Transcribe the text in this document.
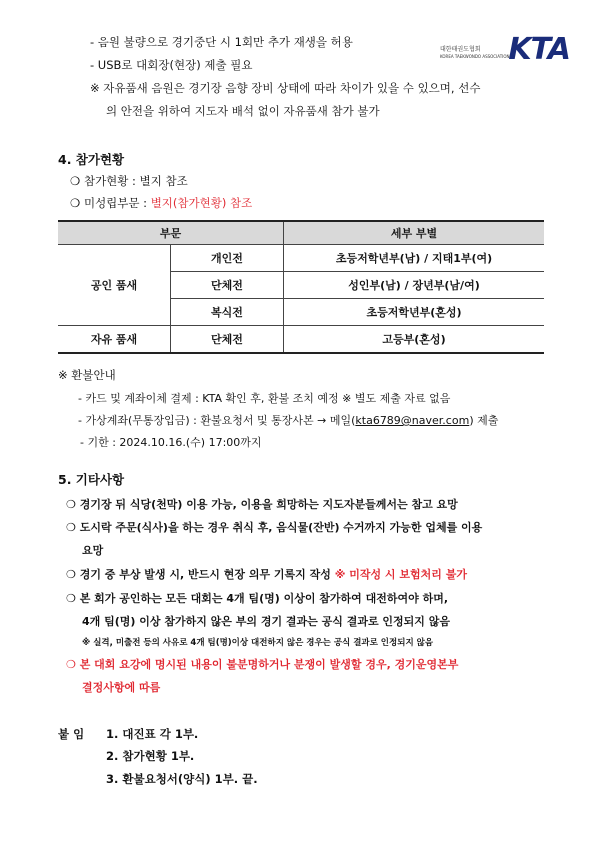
대한태권도협회
KOREA TAEKWONDO ASSOCIATION
KTA
- 음원 불량으로 경기중단 시 1회만 추가 재생을 허용
- USB로 대회장(현장) 제출 필요
※ 자유품새 음원은 경기장 음향 장비 상태에 따라 차이가 있을 수 있으며, 선수
의 안전을 위하여 지도자 배석 없이 자유품새 참가 불가
4. 참가현황
❍ 참가현황 : 별지 참조
❍ 미성립부문 : 별지(참가현황) 참조
부문		세부 부별
공인 품새	개인전	초등저학년부(남) / 지태1부(여)
	단체전	성인부(남) / 장년부(남/여)
	복식전	초등저학년부(혼성)
자유 품새	단체전	고등부(혼성)
※ 환불안내
- 카드 및 계좌이체 결제 : KTA 확인 후, 환불 조치 예정 ※ 별도 제출 자료 없음
- 가상계좌(무통장입금) : 환불요청서 및 통장사본 → 메일(kta6789@naver.com) 제출
- 기한 : 2024.10.16.(수) 17:00까지
5. 기타사항
❍ 경기장 뒤 식당(천막) 이용 가능, 이용을 희망하는 지도자분들께서는 참고 요망
❍ 도시락 주문(식사)을 하는 경우 취식 후, 음식물(잔반) 수거까지 가능한 업체를 이용
요망
❍ 경기 중 부상 발생 시, 반드시 현장 의무 기록지 작성 ※ 미작성 시 보험처리 불가
❍ 본 회가 공인하는 모든 대회는 4개 팀(명) 이상이 참가하여 대전하여야 하며,
4개 팀(명) 이상 참가하지 않은 부의 경기 결과는 공식 결과로 인정되지 않음
※ 실격, 미출전 등의 사유로 4개 팀(명)이상 대전하지 않은 경우는 공식 결과로 인정되지 않음
❍ 본 대회 요강에 명시된 내용이 불분명하거나 분쟁이 발생할 경우, 경기운영본부
결정사항에 따름
붙 임 1. 대진표 각 1부.
2. 참가현황 1부.
3. 환불요청서(양식) 1부. 끝.
